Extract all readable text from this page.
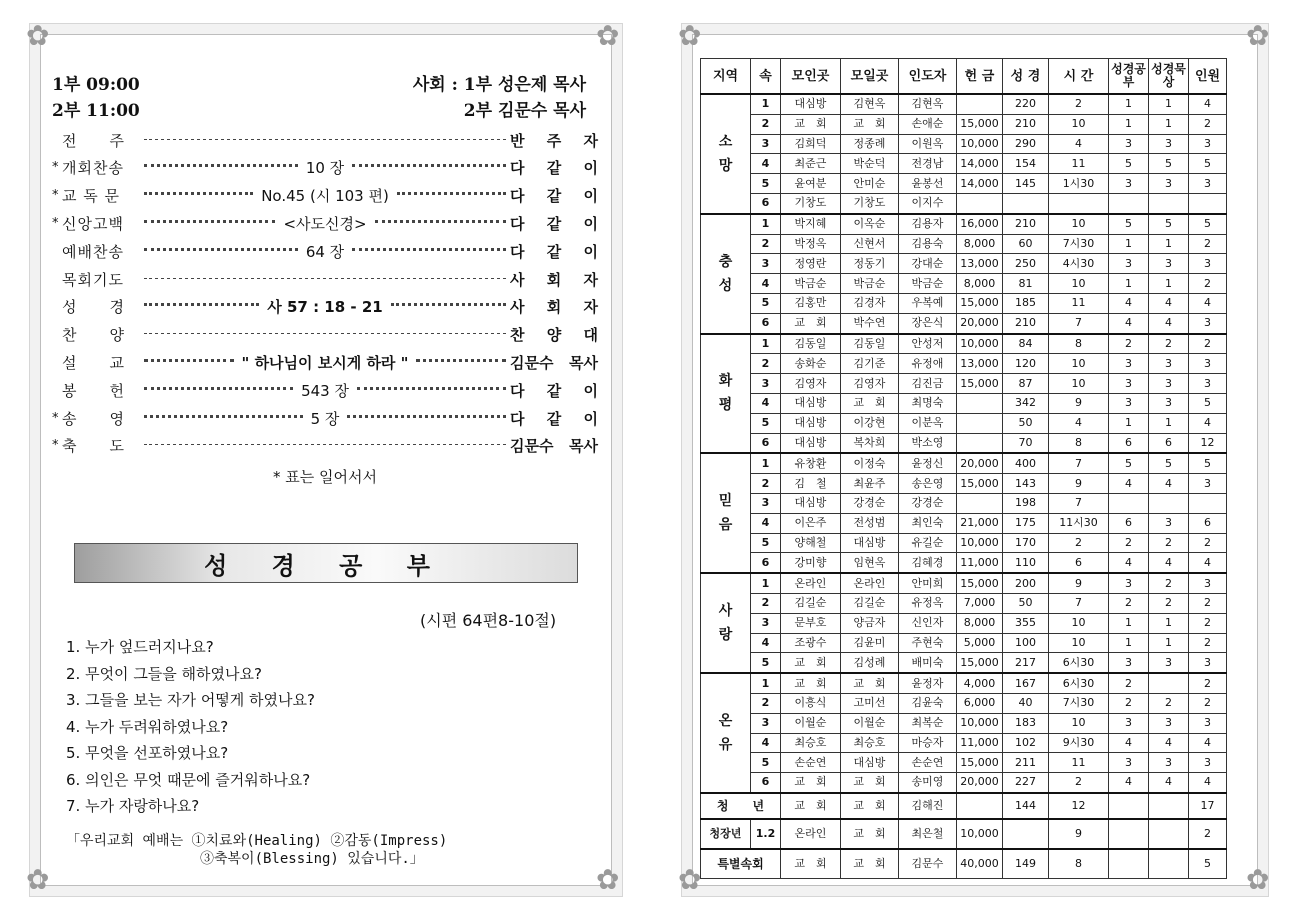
✿	✿
✿	✿
✿	✿
✿	✿
1부 09:00
2부 11:00
사회 : 1부 성은제 목사
2부 김문수 목사
전　　주	반 주 자
* 개회찬송	10 장	다 같 이
* 교 독 문	No.45 (시 103 편)	다 같 이
* 신앙고백	<사도신경>	다 같 이
예배찬송	64 장	다 같 이
목회기도	사 회 자
성　　경	사 57 : 18 - 21	사 회 자
찬　　양	찬 양 대
설　　교	" 하나님이 보시게 하라 "	김문수 목사
봉　　헌	543 장	다 같 이
* 송　　영	5 장	다 같 이
* 축　　도	김문수 목사
* 표는 일어서서
성 경 공 부
(시편 64편8-10절)
1. 누가 엎드러지나요?
2. 무엇이 그들을 해하였나요?
3. 그들을 보는 자가 어떻게 하였나요?
4. 누가 두려워하였나요?
5. 무엇을 선포하였나요?
6. 의인은 무엇 때문에 즐거워하나요?
7. 누가 자랑하나요?
「우리교회 예배는 ①치료와(Healing) ②감동(Impress)
③축복이(Blessing) 있습니다.」
지역	속	모인곳	모일곳	인도자	헌 금	성 경	시 간	성경공부	성경묵상	인원
소

망	1	대심방	김현옥	김현옥		220	2	1	1	4
	2	교　회	교　회	손애순	15,000	210	10	1	1	2
	3	김희덕	정종례	이원옥	10,000	290	4	3	3	3
	4	최준근	박순덕	전경남	14,000	154	11	5	5	5
	5	윤여분	안미순	윤봉선	14,000	145	1시30	3	3	3
	6	기창도	기창도	이지수						
충

성	1	박지혜	이옥순	김용자	16,000	210	10	5	5	5
	2	박정옥	신현서	김용숙	8,000	60	7시30	1	1	2
	3	정영란	정동기	강대순	13,000	250	4시30	3	3	3
	4	박금순	박금순	박금순	8,000	81	10	1	1	2
	5	김홍만	김경자	우복예	15,000	185	11	4	4	4
	6	교　회	박수연	장은식	20,000	210	7	4	4	3
화

평	1	김동일	김동일	안성저	10,000	84	8	2	2	2
	2	송화순	김기준	유정애	13,000	120	10	3	3	3
	3	김영자	김영자	김진금	15,000	87	10	3	3	3
	4	대심방	교　회	최명숙		342	9	3	3	5
	5	대심방	이강현	이분옥		50	4	1	1	4
	6	대심방	복차희	박소영		70	8	6	6	12
믿

음	1	유창환	이정숙	윤정신	20,000	400	7	5	5	5
	2	김　철	최윤주	송은영	15,000	143	9	4	4	3
	3	대심방	강경순	강경순		198	7			
	4	이은주	전성범	최인숙	21,000	175	11시30	6	3	6
	5	양해철	대심방	유길순	10,000	170	2	2	2	2
	6	강미향	임현옥	김혜경	11,000	110	6	4	4	4
사

랑	1	온라인	온라인	안미희	15,000	200	9	3	2	3
	2	김길순	김길순	유정옥	7,000	50	7	2	2	2
	3	문부호	양금자	신인자	8,000	355	10	1	1	2
	4	조광수	김윤미	주현숙	5,000	100	10	1	1	2
	5	교　회	김성례	배미숙	15,000	217	6시30	3	3	3
온

유	1	교　회	교　회	윤정자	4,000	167	6시30	2		2
	2	이흥식	고미선	김윤숙	6,000	40	7시30	2	2	2
	3	이월순	이월순	최복순	10,000	183	10	3	3	3
	4	최승호	최승호	마승자	11,000	102	9시30	4	4	4
	5	손순연	대심방	손순연	15,000	211	11	3	3	3
	6	교　회	교　회	송미영	20,000	227	2	4	4	4
청　　년		교　회	교　회	김해진		144	12			17
청장년	1.2	온라인	교　회	최은철	10,000		9			2
특별속회		교　회	교　회	김문수	40,000	149	8			5
